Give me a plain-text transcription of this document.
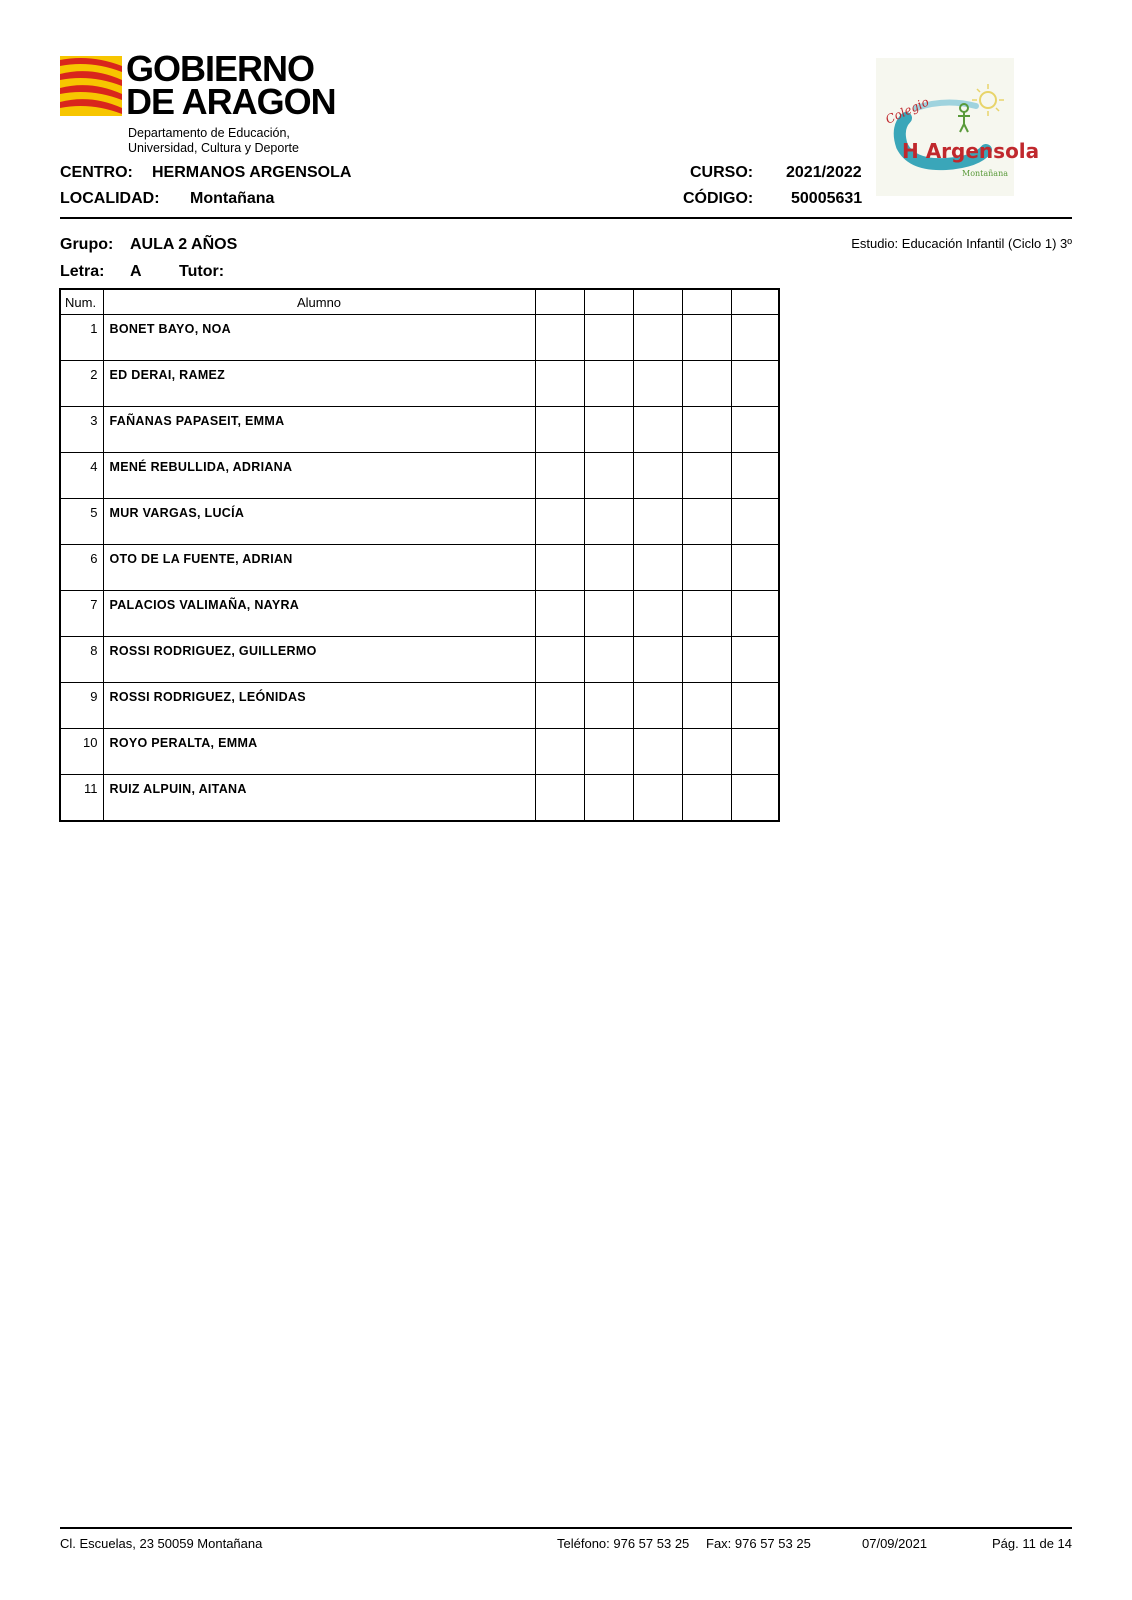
GOBIERNO
DE ARAGON
Departamento de Educación,
Universidad, Cultura y Deporte
Colegio
H Argensola
Montañana
CENTRO: HERMANOS ARGENSOLA
LOCALIDAD: Montañana
CURSO: 2021/2022
CÓDIGO: 50005631
Grupo: AULA 2 AÑOS
Letra: A Tutor:
Estudio: Educación Infantil (Ciclo 1) 3º
Num.	Alumno					
1	BONET BAYO, NOA					
2	ED DERAI, RAMEZ					
3	FAÑANAS PAPASEIT, EMMA					
4	MENÉ REBULLIDA, ADRIANA					
5	MUR VARGAS, LUCÍA					
6	OTO DE LA FUENTE, ADRIAN					
7	PALACIOS VALIMAÑA, NAYRA					
8	ROSSI RODRIGUEZ, GUILLERMO					
9	ROSSI RODRIGUEZ, LEÓNIDAS					
10	ROYO PERALTA, EMMA					
11	RUIZ ALPUIN, AITANA					
Cl. Escuelas, 23 50059 Montañana	Teléfono: 976 57 53 25 Fax: 976 57 53 25	07/09/2021	Pág. 11 de 14
